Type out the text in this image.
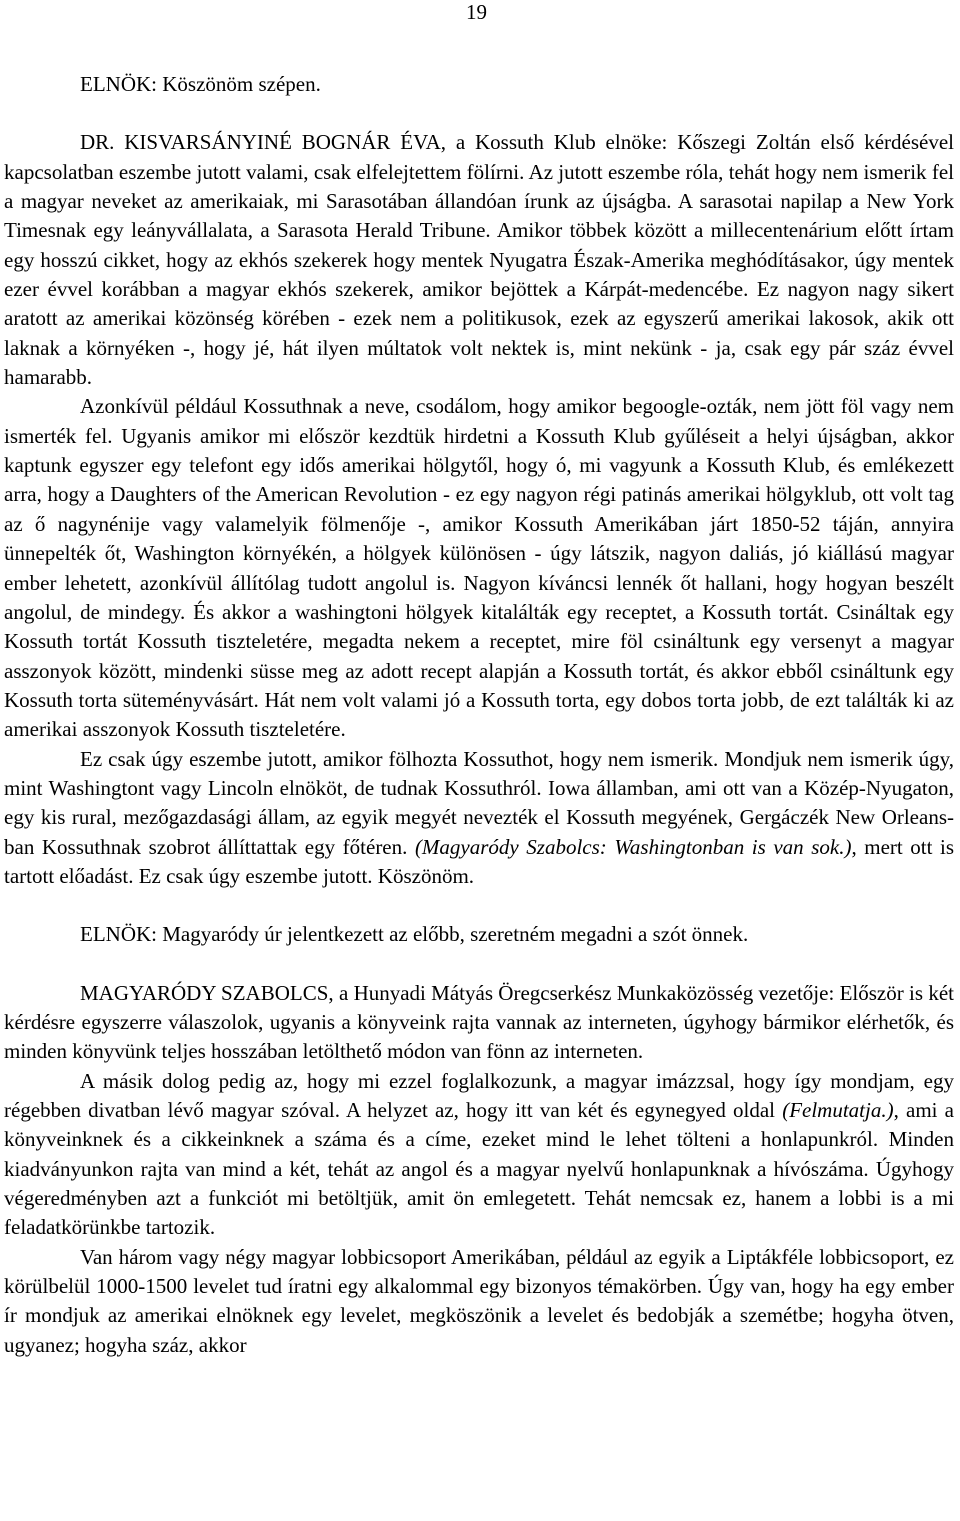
19

ELNÖK: Köszönöm szépen.

DR. KISVARSÁNYINÉ BOGNÁR ÉVA, a Kossuth Klub elnöke: Kőszegi Zoltán első kérdésével kapcsolatban eszembe jutott valami, csak elfelejtettem fölírni. Az jutott eszembe róla, tehát hogy nem ismerik fel a magyar neveket az amerikaiak, mi Sarasotában állandóan írunk az újságba. A sarasotai napilap a New York Timesnak egy leányvállalata, a Sarasota Herald Tribune. Amikor többek között a millecentenárium előtt írtam egy hosszú cikket, hogy az ekhós szekerek hogy mentek Nyugatra Észak-Amerika meghódításakor, úgy mentek ezer évvel korábban a magyar ekhós szekerek, amikor bejöttek a Kárpát-medencébe. Ez nagyon nagy sikert aratott az amerikai közönség körében - ezek nem a politikusok, ezek az egyszerű amerikai lakosok, akik ott laknak a környéken -, hogy jé, hát ilyen múltatok volt nektek is, mint nekünk - ja, csak egy pár száz évvel hamarabb.

Azonkívül például Kossuthnak a neve, csodálom, hogy amikor begoogle-ozták, nem jött föl vagy nem ismerték fel. Ugyanis amikor mi először kezdtük hirdetni a Kossuth Klub gyűléseit a helyi újságban, akkor kaptunk egyszer egy telefont egy idős amerikai hölgytől, hogy ó, mi vagyunk a Kossuth Klub, és emlékezett arra, hogy a Daughters of the American Revolution - ez egy nagyon régi patinás amerikai hölgyklub, ott volt tag az ő nagynénije vagy valamelyik fölmenője -, amikor Kossuth Amerikában járt 1850-52 táján, annyira ünnepelték őt, Washington környékén, a hölgyek különösen - úgy látszik, nagyon daliás, jó kiállású magyar ember lehetett, azonkívül állítólag tudott angolul is. Nagyon kíváncsi lennék őt hallani, hogy hogyan beszélt angolul, de mindegy. És akkor a washingtoni hölgyek kitalálták egy receptet, a Kossuth tortát. Csináltak egy Kossuth tortát Kossuth tiszteletére, megadta nekem a receptet, mire föl csináltunk egy versenyt a magyar asszonyok között, mindenki süsse meg az adott recept alapján a Kossuth tortát, és akkor ebből csináltunk egy Kossuth torta süteményvásárt. Hát nem volt valami jó a Kossuth torta, egy dobos torta jobb, de ezt találták ki az amerikai asszonyok Kossuth tiszteletére.

Ez csak úgy eszembe jutott, amikor fölhozta Kossuthot, hogy nem ismerik. Mondjuk nem ismerik úgy, mint Washingtont vagy Lincoln elnököt, de tudnak Kossuthról. Iowa államban, ami ott van a Közép-Nyugaton, egy kis rural, mezőgazdasági állam, az egyik megyét nevezték el Kossuth megyének, Gergáczék New Orleans-ban Kossuthnak szobrot állíttattak egy főtéren. (Magyaródy Szabolcs: Washingtonban is van sok.), mert ott is tartott előadást. Ez csak úgy eszembe jutott. Köszönöm.

ELNÖK: Magyaródy úr jelentkezett az előbb, szeretném megadni a szót önnek.

MAGYARÓDY SZABOLCS, a Hunyadi Mátyás Öregcserkész Munkaközösség vezetője: Először is két kérdésre egyszerre válaszolok, ugyanis a könyveink rajta vannak az interneten, úgyhogy bármikor elérhetők, és minden könyvünk teljes hosszában letölthető módon van fönn az interneten.

A másik dolog pedig az, hogy mi ezzel foglalkozunk, a magyar imázzsal, hogy így mondjam, egy régebben divatban lévő magyar szóval. A helyzet az, hogy itt van két és egynegyed oldal (Felmutatja.), ami a könyveinknek és a cikkeinknek a száma és a címe, ezeket mind le lehet tölteni a honlapunkról. Minden kiadványunkon rajta van mind a két, tehát az angol és a magyar nyelvű honlapunknak a hívószáma. Úgyhogy végeredményben azt a funkciót mi betöltjük, amit ön emlegetett. Tehát nemcsak ez, hanem a lobbi is a mi feladatkörünkbe tartozik.

Van három vagy négy magyar lobbicsoport Amerikában, például az egyik a Liptákféle lobbicsoport, ez körülbelül 1000-1500 levelet tud íratni egy alkalommal egy bizonyos témakörben. Úgy van, hogy ha egy ember ír mondjuk az amerikai elnöknek egy levelet, megköszönik a levelet és bedobják a szemétbe; hogyha ötven, ugyanez; hogyha száz, akkor
